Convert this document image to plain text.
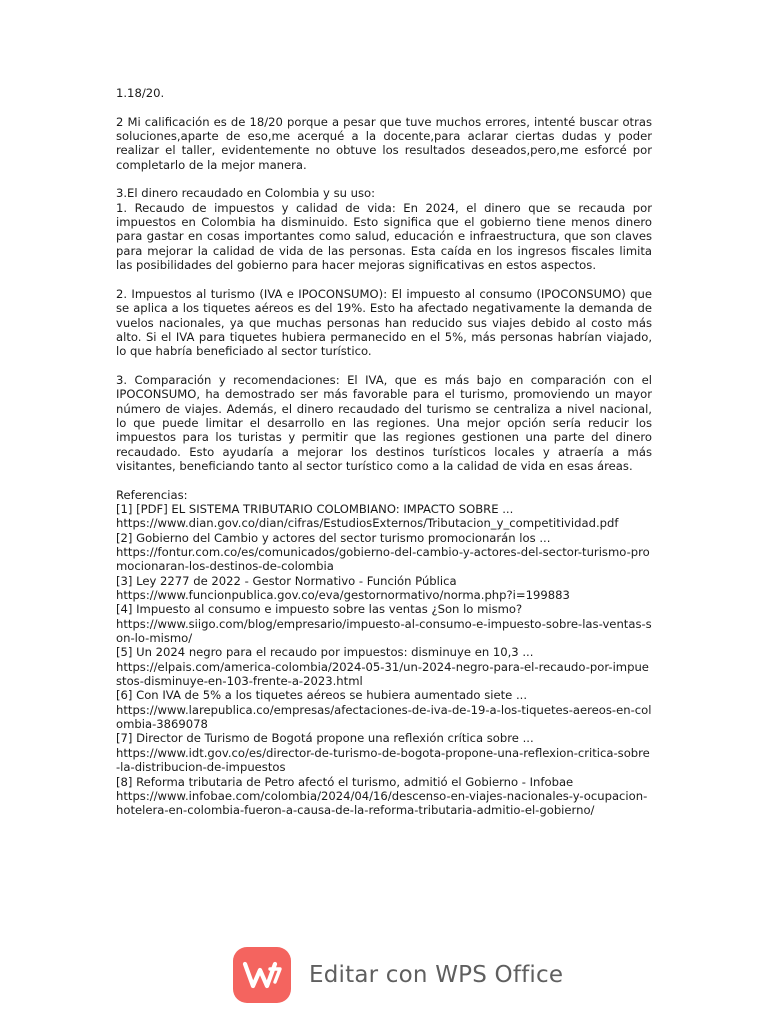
1.18/20.

2 Mi calificación es de 18/20 porque a pesar que tuve muchos errores, intenté buscar otras soluciones,aparte de eso,me acerqué a la docente,para aclarar ciertas dudas y poder realizar el taller, evidentemente no obtuve los resultados deseados,pero,me esforcé por completarlo de la mejor manera.

3.El dinero recaudado en Colombia y su uso:

1. Recaudo de impuestos y calidad de vida: En 2024, el dinero que se recauda por impuestos en Colombia ha disminuido. Esto significa que el gobierno tiene menos dinero para gastar en cosas importantes como salud, educación e infraestructura, que son claves para mejorar la calidad de vida de las personas. Esta caída en los ingresos fiscales limita las posibilidades del gobierno para hacer mejoras significativas en estos aspectos.

2. Impuestos al turismo (IVA e IPOCONSUMO): El impuesto al consumo (IPOCONSUMO) que se aplica a los tiquetes aéreos es del 19%. Esto ha afectado negativamente la demanda de vuelos nacionales, ya que muchas personas han reducido sus viajes debido al costo más alto. Si el IVA para tiquetes hubiera permanecido en el 5%, más personas habrían viajado, lo que habría beneficiado al sector turístico.

3. Comparación y recomendaciones: El IVA, que es más bajo en comparación con el IPOCONSUMO, ha demostrado ser más favorable para el turismo, promoviendo un mayor número de viajes. Además, el dinero recaudado del turismo se centraliza a nivel nacional, lo que puede limitar el desarrollo en las regiones. Una mejor opción sería reducir los impuestos para los turistas y permitir que las regiones gestionen una parte del dinero recaudado. Esto ayudaría a mejorar los destinos turísticos locales y atraería a más visitantes, beneficiando tanto al sector turístico como a la calidad de vida en esas áreas.

Referencias:

[1] [PDF] EL SISTEMA TRIBUTARIO COLOMBIANO: IMPACTO SOBRE ...
https://www.dian.gov.co/dian/cifras/EstudiosExternos/Tributacion_y_competitividad.pdf
[2] Gobierno del Cambio y actores del sector turismo promocionarán los ...
https://fontur.com.co/es/comunicados/gobierno-del-cambio-y-actores-del-sector-turismo-promocionaran-los-destinos-de-colombia
[3] Ley 2277 de 2022 - Gestor Normativo - Función Pública
https://www.funcionpublica.gov.co/eva/gestornormativo/norma.php?i=199883
[4] Impuesto al consumo e impuesto sobre las ventas ¿Son lo mismo?
https://www.siigo.com/blog/empresario/impuesto-al-consumo-e-impuesto-sobre-las-ventas-son-lo-mismo/
[5] Un 2024 negro para el recaudo por impuestos: disminuye en 10,3 ...
https://elpais.com/america-colombia/2024-05-31/un-2024-negro-para-el-recaudo-por-impuestos-disminuye-en-103-frente-a-2023.html
[6] Con IVA de 5% a los tiquetes aéreos se hubiera aumentado siete ...
https://www.larepublica.co/empresas/afectaciones-de-iva-de-19-a-los-tiquetes-aereos-en-colombia-3869078
[7] Director de Turismo de Bogotá propone una reflexión crítica sobre ...
https://www.idt.gov.co/es/director-de-turismo-de-bogota-propone-una-reflexion-critica-sobre-la-distribucion-de-impuestos
[8] Reforma tributaria de Petro afectó el turismo, admitió el Gobierno - Infobae
https://www.infobae.com/colombia/2024/04/16/descenso-en-viajes-nacionales-y-ocupacion-hotelera-en-colombia-fueron-a-causa-de-la-reforma-tributaria-admitio-el-gobierno/
Editar con WPS Office
